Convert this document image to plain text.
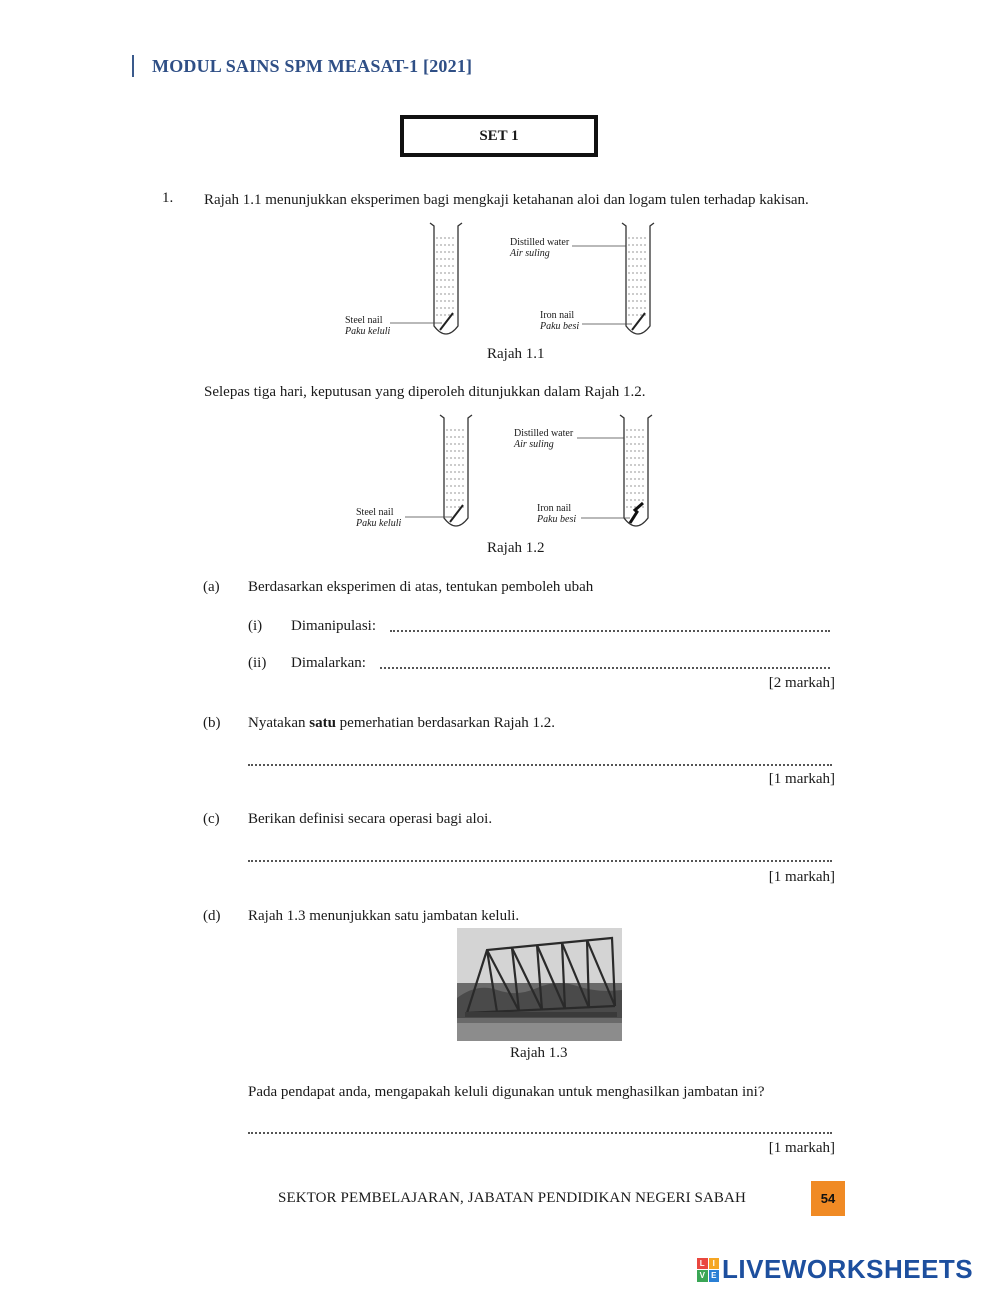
MODUL SAINS SPM MEASAT-1 [2021]
SET 1
1. Rajah 1.1 menunjukkan eksperimen bagi mengkaji ketahanan aloi dan logam tulen terhadap kakisan.
Distilled water
Air suling
Steel nail
Paku keluli
Iron nail
Paku besi
Rajah 1.1
Selepas tiga hari, keputusan yang diperoleh ditunjukkan dalam Rajah 1.2.
Distilled water
Air suling
Steel nail
Paku keluli
Iron nail
Paku besi
Rajah 1.2
(a) Berdasarkan eksperimen di atas, tentukan pemboleh ubah
(i) Dimanipulasi:
(ii) Dimalarkan:
[2 markah]
(b) Nyatakan satu pemerhatian berdasarkan Rajah 1.2.
[1 markah]
(c) Berikan definisi secara operasi bagi aloi.
[1 markah]
(d) Rajah 1.3 menunjukkan satu jambatan keluli.
Rajah 1.3
Pada pendapat anda, mengapakah keluli digunakan untuk menghasilkan jambatan ini?
[1 markah]
SEKTOR PEMBELAJARAN, JABATAN PENDIDIKAN NEGERI SABAH	54
L I
V E LIVEWORKSHEETS
